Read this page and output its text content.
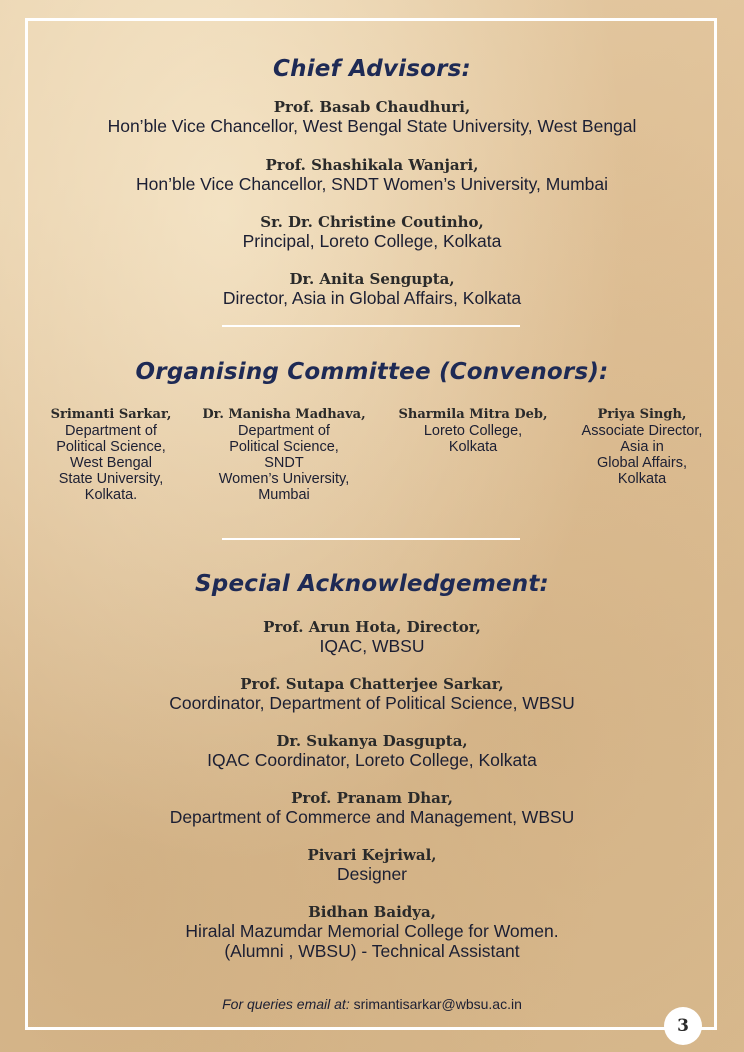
Chief Advisors:
Prof. Basab Chaudhuri,
Hon’ble Vice Chancellor, West Bengal State University, West Bengal
Prof. Shashikala Wanjari,
Hon’ble Vice Chancellor, SNDT Women’s University, Mumbai
Sr. Dr. Christine Coutinho,
Principal, Loreto College, Kolkata
Dr. Anita Sengupta,
Director, Asia in Global Affairs, Kolkata
Organising Committee (Convenors):
Srimanti Sarkar,
Department of
Political Science,
West Bengal
State University,
Kolkata.
Dr. Manisha Madhava,
Department of
Political Science,
SNDT
Women’s University,
Mumbai
Sharmila Mitra Deb,
Loreto College,
Kolkata
Priya Singh,
Associate Director,
Asia in
Global Affairs,
Kolkata
Special Acknowledgement:
Prof. Arun Hota, Director,
IQAC, WBSU
Prof. Sutapa Chatterjee Sarkar,
Coordinator, Department of Political Science, WBSU
Dr. Sukanya Dasgupta,
IQAC Coordinator, Loreto College, Kolkata
Prof. Pranam Dhar,
Department of Commerce and Management, WBSU
Pivari Kejriwal,
Designer
Bidhan Baidya,
Hiralal Mazumdar Memorial College for Women.
(Alumni , WBSU) - Technical Assistant
For queries email at: srimantisarkar@wbsu.ac.in
3
